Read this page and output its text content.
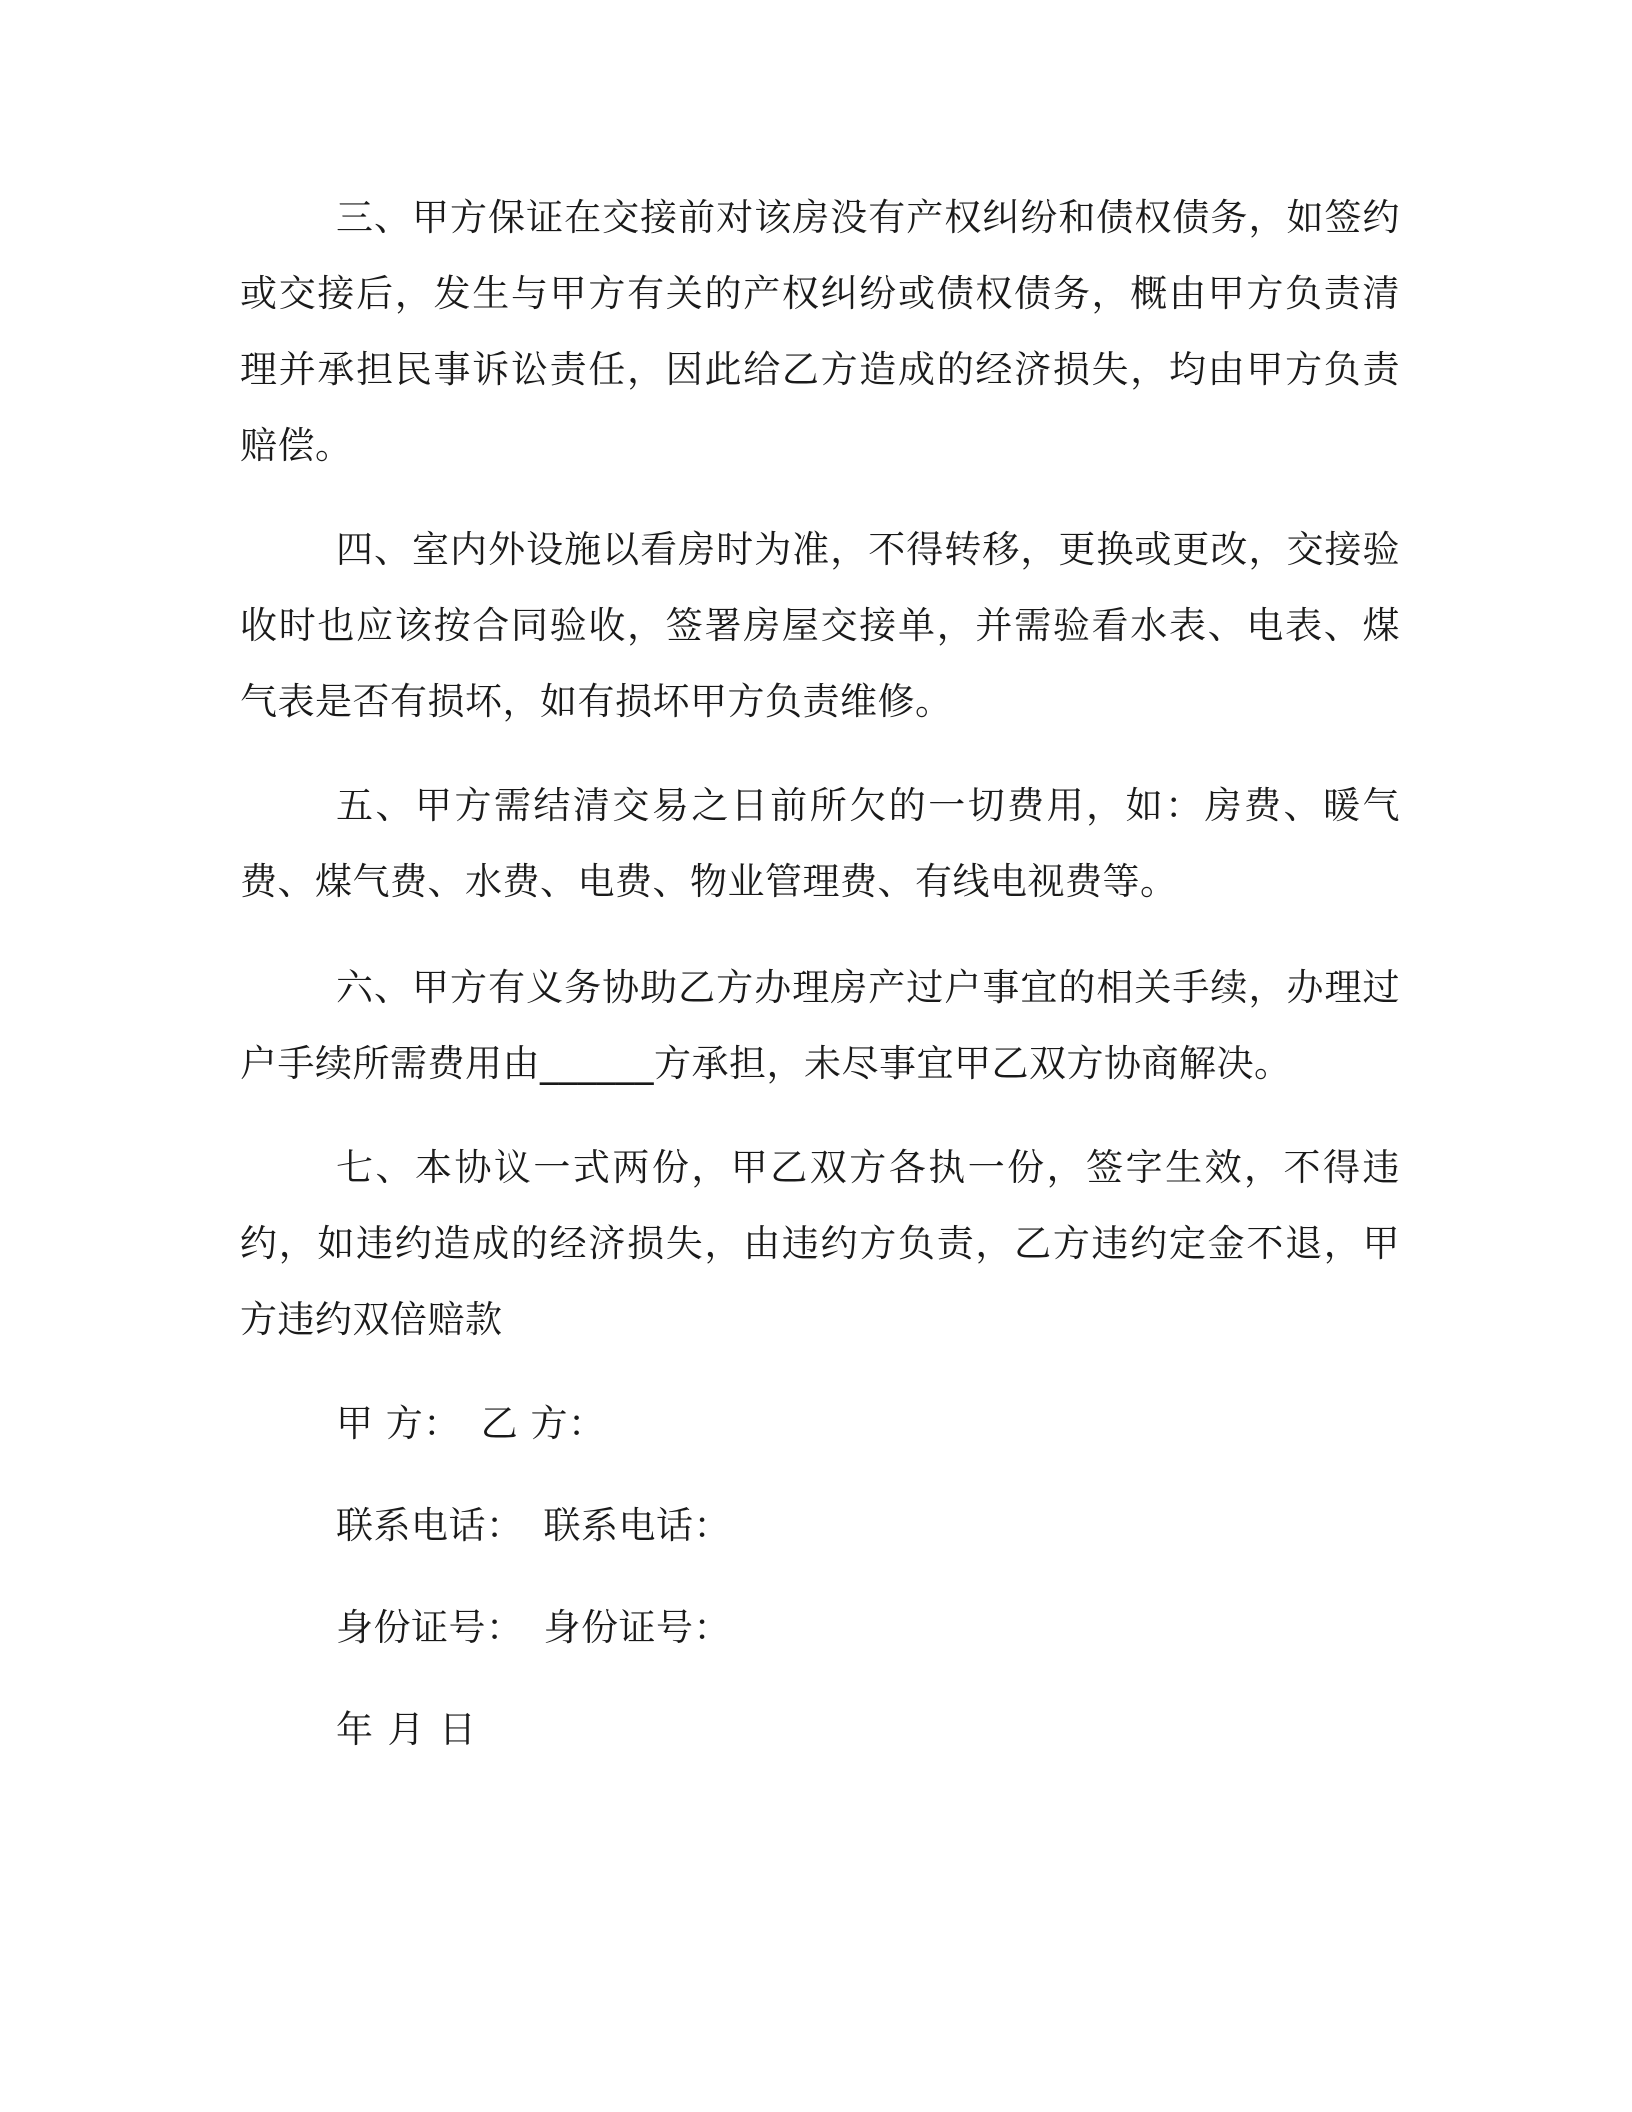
三、甲方保证在交接前对该房没有产权纠纷和债权债务，如签约或交接后，发生与甲方有关的产权纠纷或债权债务，概由甲方负责清理并承担民事诉讼责任，因此给乙方造成的经济损失，均由甲方负责赔偿。

四、室内外设施以看房时为准，不得转移，更换或更改，交接验收时也应该按合同验收，签署房屋交接单，并需验看水表、电表、煤气表是否有损坏，如有损坏甲方负责维修。

五、甲方需结清交易之日前所欠的一切费用，如：房费、暖气费、煤气费、水费、电费、物业管理费、有线电视费等。

六、甲方有义务协助乙方办理房产过户事宜的相关手续，办理过户手续所需费用由______方承担，未尽事宜甲乙双方协商解决。

七、本协议一式两份，甲乙双方各执一份，签字生效，不得违约，如违约造成的经济损失，由违约方负责，乙方违约定金不退，甲方违约双倍赔款

甲 方： 乙 方：

联系电话： 联系电话：

身份证号： 身份证号：

年 月 日
